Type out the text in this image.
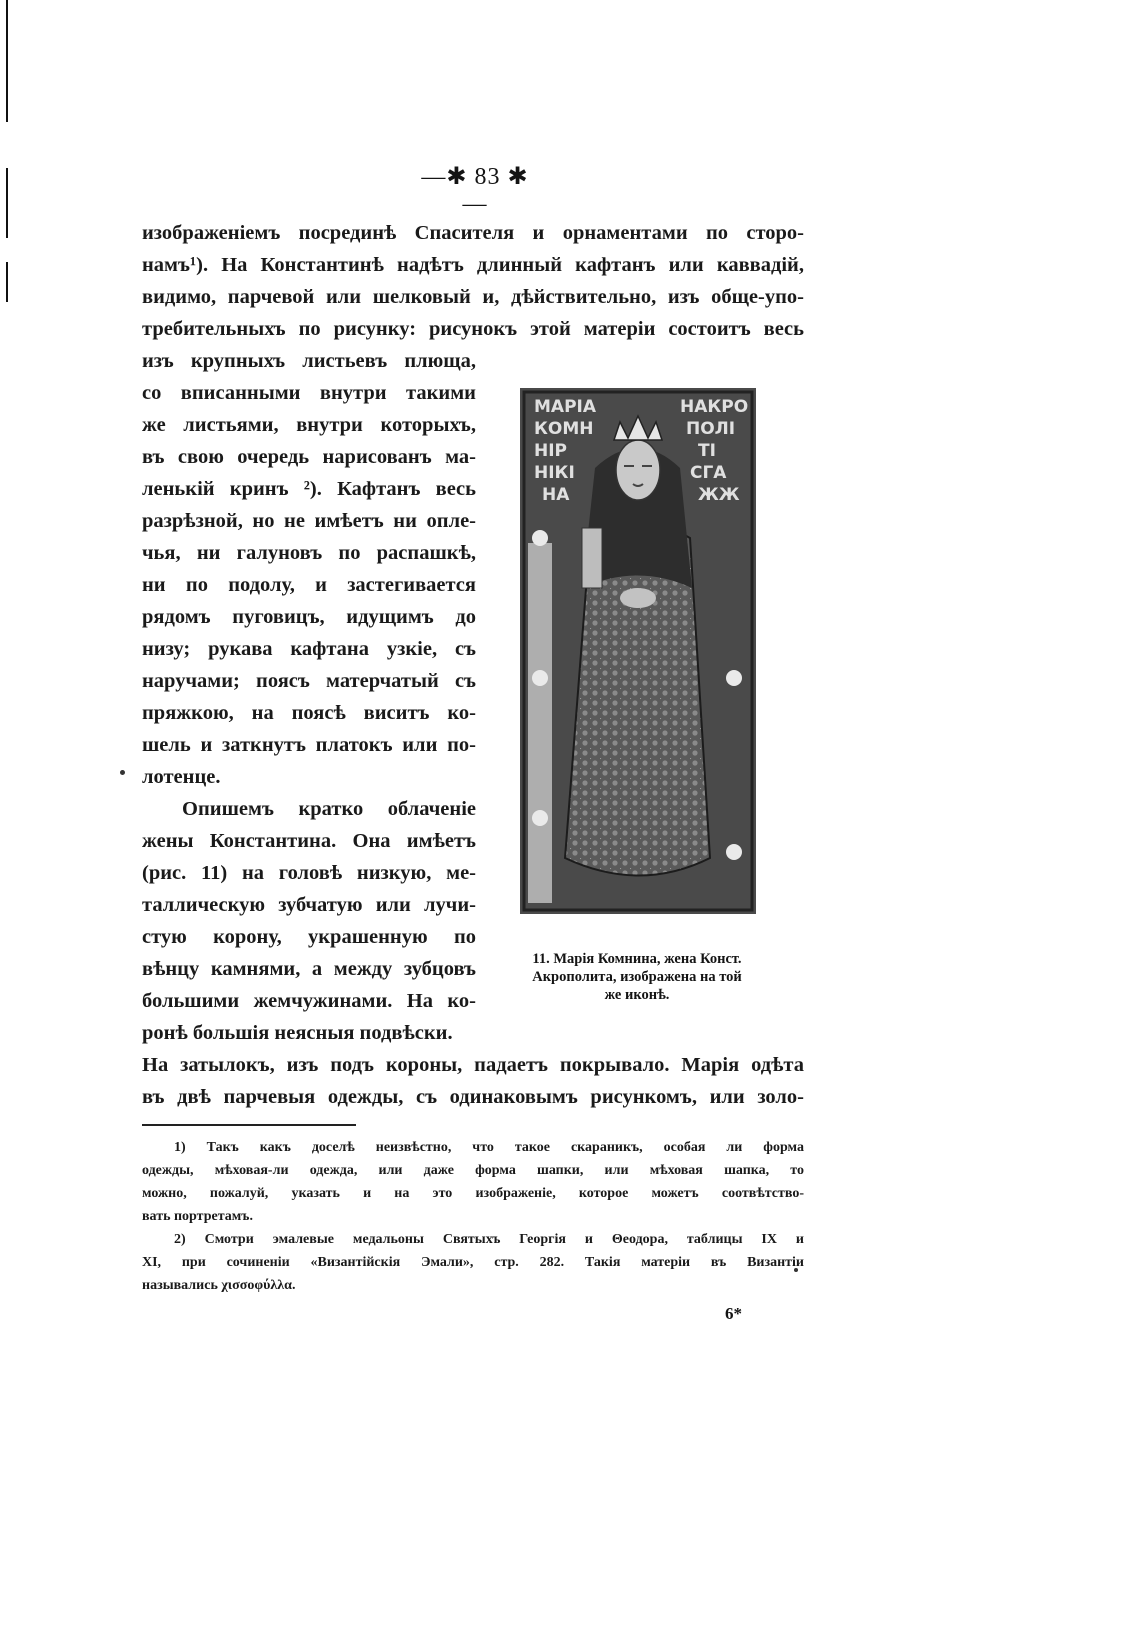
—✱ 83 ✱—
изображеніемъ посрединѣ Спасителя и орнаментами по сторо-
намъ¹). На Константинѣ надѣтъ длинный кафтанъ или каввадій,
видимо, парчевой или шелковый и, дѣйствительно, изъ обще-упо-
требительныхъ по рисунку: рисунокъ этой матеріи состоитъ весь
изъ крупныхъ листьевъ плюща,
со вписанными внутри такими
же листьями, внутри которыхъ,
въ свою очередь нарисованъ ма-
ленькій кринъ ²). Кафтанъ весь
разрѣзной, но не имѣетъ ни опле-
чья, ни галуновъ по распашкѣ,
ни по подолу, и застегивается
рядомъ пуговицъ, идущимъ до
низу; рукава кафтана узкіе, съ
наручами; поясъ матерчатый съ
пряжкою, на поясѣ виситъ ко-
шель и заткнутъ платокъ или по-
лотенце.
Опишемъ кратко облаченіе
жены Константина. Она имѣетъ
(рис. 11) на головѣ низкую, ме-
таллическую зубчатую или лучи-
стую корону, украшенную по
вѣнцу камнями, а между зубцовъ
большими жемчужинами. На ко-
ронѣ большія неясныя подвѣски.
МАРІА
КОМН
НІР
НІКІ
НА
НАКРО
ПОЛІ
ТІ
СГА
ЖЖ
11. Марія Комнина, жена Конст.
Акрополита, изображена на той
же иконѣ.
На затылокъ, изъ подъ короны, падаетъ покрывало. Марія одѣта
въ двѣ парчевыя одежды, съ одинаковымъ рисункомъ, или золо-
1) Такъ какъ доселѣ неизвѣстно, что такое скараникъ, особая ли форма
одежды, мѣховая-ли одежда, или даже форма шапки, или мѣховая шапка, то
можно, пожалуй, указать и на это изображеніе, которое можетъ соотвѣтство-
вать портретамъ.
2) Смотри эмалевые медальоны Святыхъ Георгія и Θеодора, таблицы IX и
XI, при сочиненіи «Византійскія Эмали», стр. 282. Такія матеріи въ Византіи
назывались χισσοφύλλα.
6*
